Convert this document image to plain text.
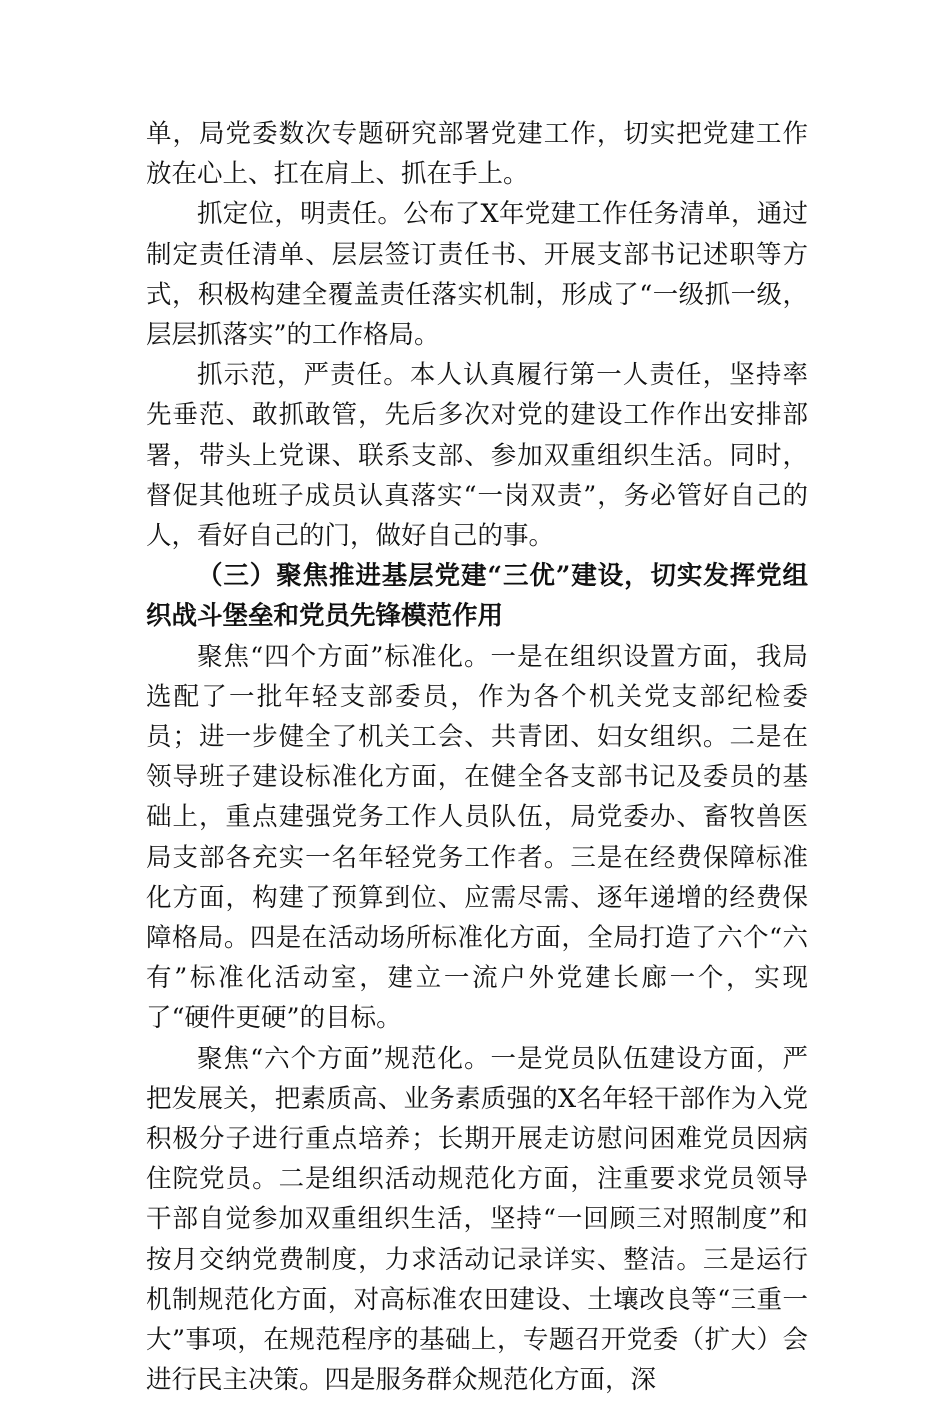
单，局党委数次专题研究部署党建工作，切实把党建工作放在心上、扛在肩上、抓在手上。

抓定位，明责任。公布了X年党建工作任务清单，通过制定责任清单、层层签订责任书、开展支部书记述职等方式，积极构建全覆盖责任落实机制，形成了“一级抓一级，层层抓落实”的工作格局。

抓示范，严责任。本人认真履行第一人责任，坚持率先垂范、敢抓敢管，先后多次对党的建设工作作出安排部署，带头上党课、联系支部、参加双重组织生活。同时，督促其他班子成员认真落实“一岗双责”，务必管好自己的人，看好自己的门，做好自己的事。

（三）聚焦推进基层党建“三优”建设，切实发挥党组织战斗堡垒和党员先锋模范作用

聚焦“四个方面”标准化。一是在组织设置方面，我局选配了一批年轻支部委员，作为各个机关党支部纪检委员；进一步健全了机关工会、共青团、妇女组织。二是在领导班子建设标准化方面，在健全各支部书记及委员的基础上，重点建强党务工作人员队伍，局党委办、畜牧兽医局支部各充实一名年轻党务工作者。三是在经费保障标准化方面，构建了预算到位、应需尽需、逐年递增的经费保障格局。四是在活动场所标准化方面，全局打造了六个“六有”标准化活动室，建立一流户外党建长廊一个，实现了“硬件更硬”的目标。

聚焦“六个方面”规范化。一是党员队伍建设方面，严把发展关，把素质高、业务素质强的X名年轻干部作为入党积极分子进行重点培养；长期开展走访慰问困难党员因病住院党员。二是组织活动规范化方面，注重要求党员领导干部自觉参加双重组织生活，坚持“一回顾三对照制度”和按月交纳党费制度，力求活动记录详实、整洁。三是运行机制规范化方面，对高标准农田建设、土壤改良等“三重一大”事项，在规范程序的基础上，专题召开党委（扩大）会进行民主决策。四是服务群众规范化方面，深
